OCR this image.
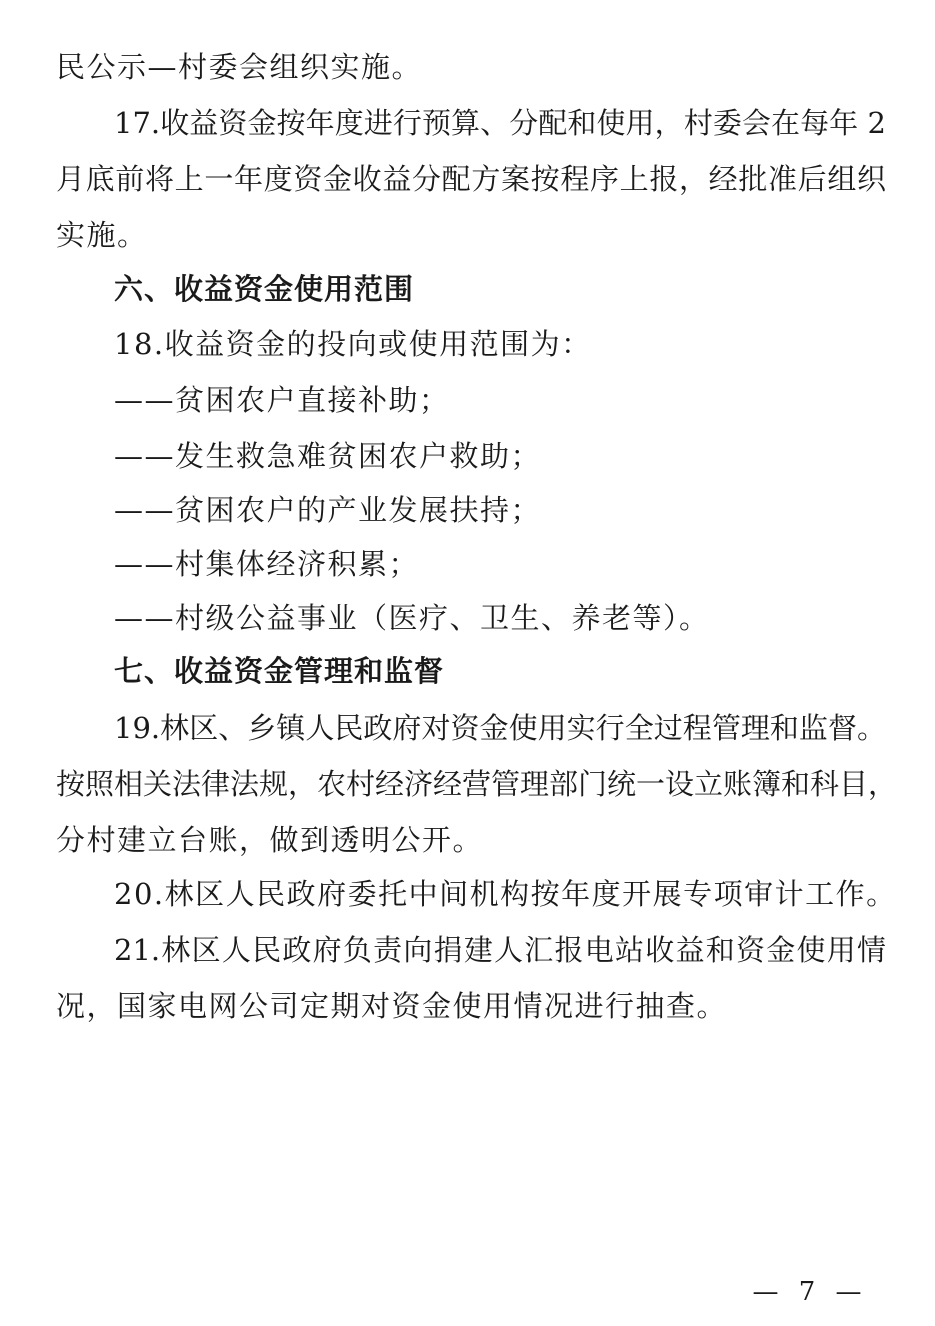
民公示—村委会组织实施。
17.收益资金按年度进行预算、分配和使用，村委会在每年 2
月底前将上一年度资金收益分配方案按程序上报，经批准后组织
实施。
六、收益资金使用范围
18.收益资金的投向或使用范围为：
——贫困农户直接补助；
——发生救急难贫困农户救助；
——贫困农户的产业发展扶持；
——村集体经济积累；
——村级公益事业（医疗、卫生、养老等）。
七、收益资金管理和监督
19.林区、乡镇人民政府对资金使用实行全过程管理和监督。
按照相关法律法规，农村经济经营管理部门统一设立账簿和科目，
分村建立台账，做到透明公开。
20.林区人民政府委托中间机构按年度开展专项审计工作。
21.林区人民政府负责向捐建人汇报电站收益和资金使用情
况，国家电网公司定期对资金使用情况进行抽查。
— 7 —
